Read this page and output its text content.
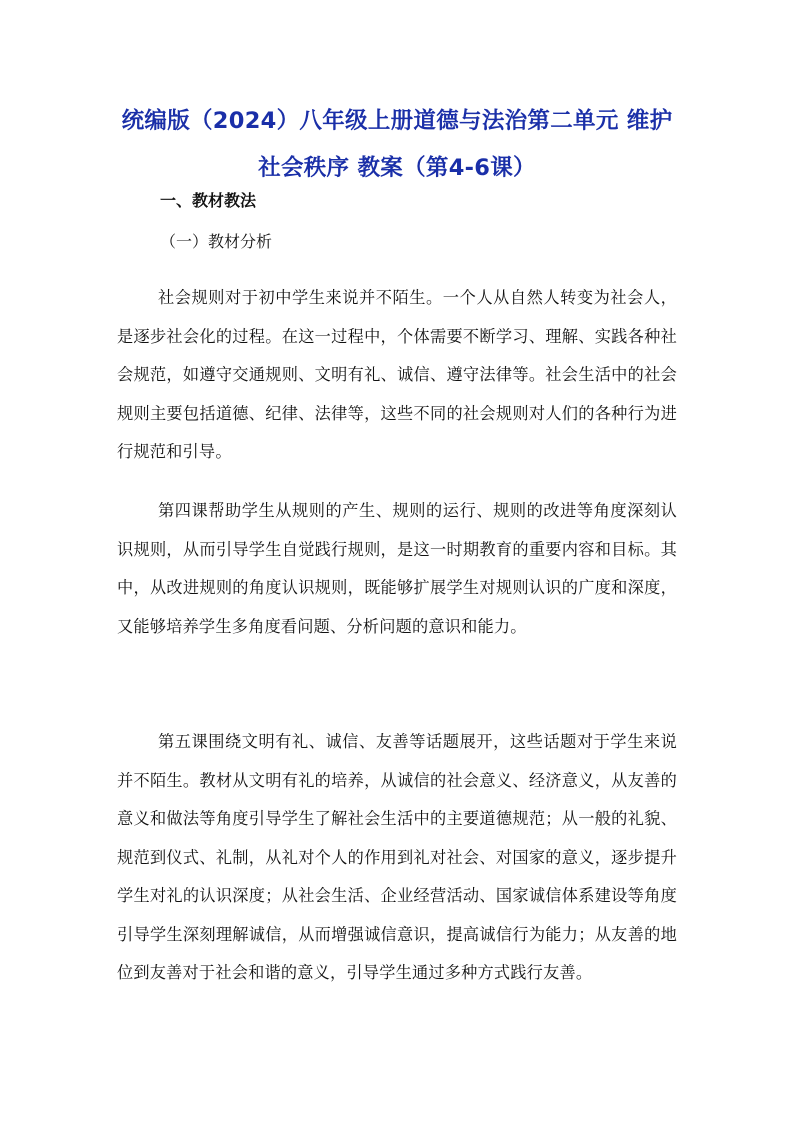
统编版（2024）八年级上册道德与法治第二单元 维护社会秩序 教案（第4-6课）
一、教材教法
（一）教材分析

社会规则对于初中学生来说并不陌生。一个人从自然人转变为社会人，是逐步社会化的过程。在这一过程中，个体需要不断学习、理解、实践各种社会规范，如遵守交通规则、文明有礼、诚信、遵守法律等。社会生活中的社会规则主要包括道德、纪律、法律等，这些不同的社会规则对人们的各种行为进行规范和引导。

第四课帮助学生从规则的产生、规则的运行、规则的改进等角度深刻认识规则，从而引导学生自觉践行规则，是这一时期教育的重要内容和目标。其中，从改进规则的角度认识规则，既能够扩展学生对规则认识的广度和深度，又能够培养学生多角度看问题、分析问题的意识和能力。

第五课围绕文明有礼、诚信、友善等话题展开，这些话题对于学生来说并不陌生。教材从文明有礼的培养，从诚信的社会意义、经济意义，从友善的意义和做法等角度引导学生了解社会生活中的主要道德规范；从一般的礼貌、规范到仪式、礼制，从礼对个人的作用到礼对社会、对国家的意义，逐步提升学生对礼的认识深度；从社会生活、企业经营活动、国家诚信体系建设等角度引导学生深刻理解诚信，从而增强诚信意识，提高诚信行为能力；从友善的地位到友善对于社会和谐的意义，引导学生通过多种方式践行友善。
